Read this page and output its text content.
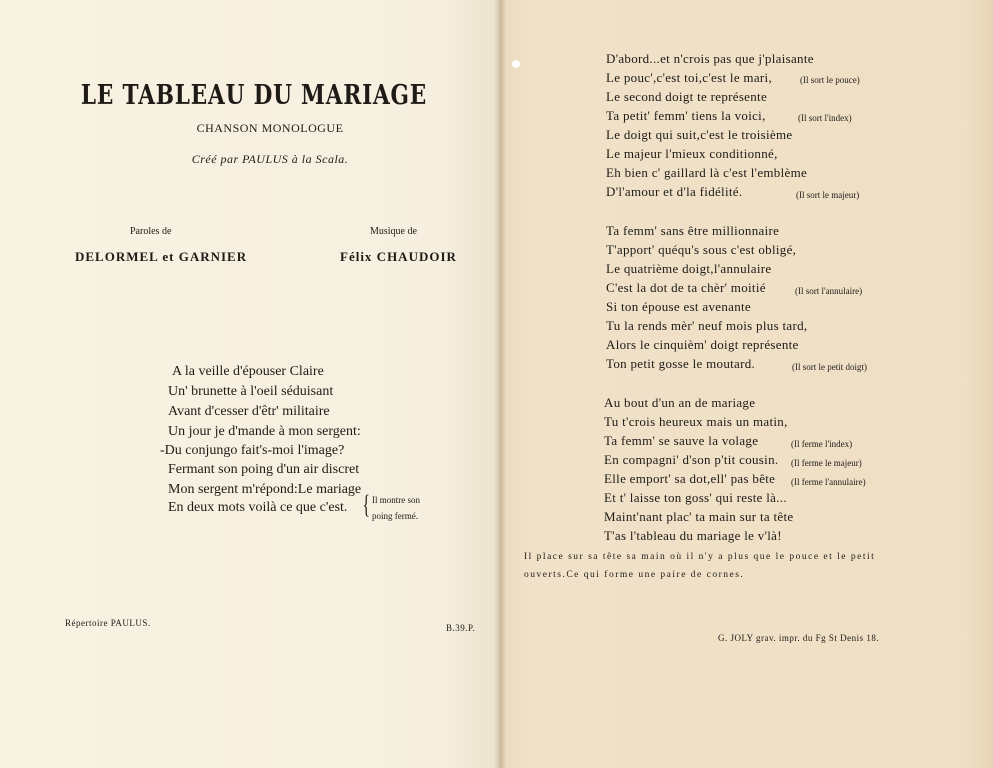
LE TABLEAU DU MARIAGE
CHANSON MONOLOGUE
Créé par PAULUS à la Scala.
Paroles de	Musique de
DELORMEL et GARNIER	Félix CHAUDOIR
A la veille d'épouser Claire
Un' brunette à l'oeil séduisant
Avant d'cesser d'êtr' militaire
Un jour je d'mande à mon sergent:
-Du conjungo fait's-moi l'image?
Fermant son poing d'un air discret
Mon sergent m'répond:Le mariage
En deux mots voilà ce que c'est. { Il montre son
poing fermé.
Répertoire PAULUS.	B.39.P.
D'abord...et n'crois pas que j'plaisante
Le pouc',c'est toi,c'est le mari,	(Il sort le pouce)
Le second doigt te représente
Ta petit' femm' tiens la voici,	(Il sort l'index)
Le doigt qui suit,c'est le troisième
Le majeur l'mieux conditionné,
Eh bien c' gaillard là c'est l'emblème
D'l'amour et d'la fidélité.	(Il sort le majeur)
Ta femm' sans être millionnaire
T'apport' quéqu's sous c'est obligé,
Le quatrième doigt,l'annulaire
C'est la dot de ta chèr' moitié	(Il sort l'annulaire)
Si ton épouse est avenante
Tu la rends mèr' neuf mois plus tard,
Alors le cinquièm' doigt représente
Ton petit gosse le moutard.	(Il sort le petit doigt)
Au bout d'un an de mariage
Tu t'crois heureux mais un matin,
Ta femm' se sauve la volage	(Il ferme l'index)
En compagni' d'son p'tit cousin. (Il ferme le majeur)
Elle emport' sa dot,ell' pas bête (Il ferme l'annulaire)
Et t' laisse ton goss' qui reste là...
Maint'nant plac' ta main sur ta tête
T'as l'tableau du mariage le v'là!
Il place sur sa tête sa main où il n'y a plus que le pouce et le petit
ouverts.Ce qui forme une paire de cornes.
G. JOLY grav. impr. du Fg St Denis 18.
